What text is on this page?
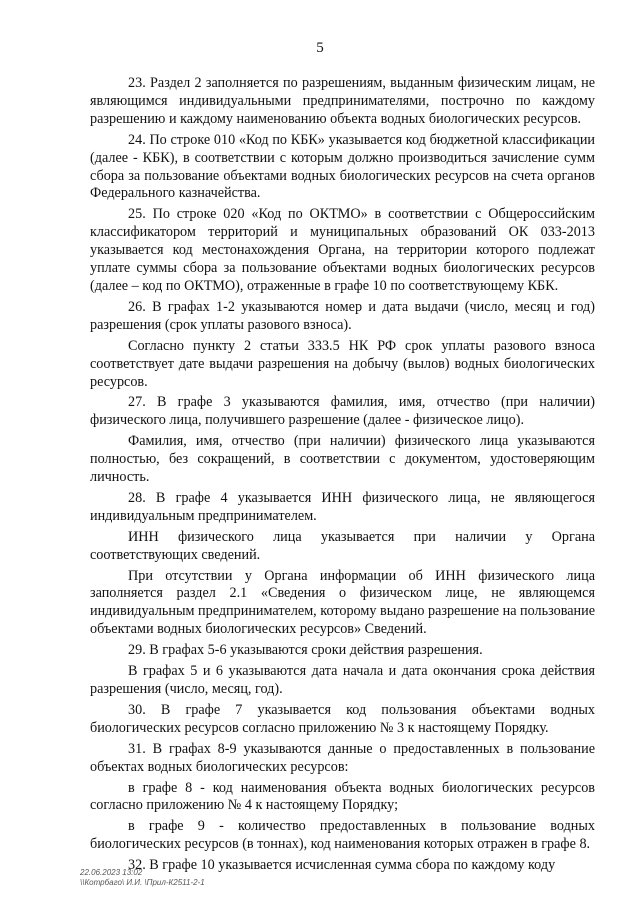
5

23. Раздел 2 заполняется по разрешениям, выданным физическим лицам, не являющимся индивидуальными предпринимателями, построчно по каждому разрешению и каждому наименованию объекта водных биологических ресурсов.

24. По строке 010 «Код по КБК» указывается код бюджетной классификации (далее - КБК), в соответствии с которым должно производиться зачисление сумм сбора за пользование объектами водных биологических ресурсов на счета органов Федерального казначейства.

25. По строке 020 «Код по ОКТМО» в соответствии с Общероссийским классификатором территорий и муниципальных образований ОК 033-2013 указывается код местонахождения Органа, на территории которого подлежат уплате суммы сбора за пользование объектами водных биологических ресурсов (далее – код по ОКТМО), отраженные в графе 10 по соответствующему КБК.

26. В графах 1-2 указываются номер и дата выдачи (число, месяц и год) разрешения (срок уплаты разового взноса).

Согласно пункту 2 статьи 333.5 НК РФ срок уплаты разового взноса соответствует дате выдачи разрешения на добычу (вылов) водных биологических ресурсов.

27. В графе 3 указываются фамилия, имя, отчество (при наличии) физического лица, получившего разрешение (далее - физическое лицо).

Фамилия, имя, отчество (при наличии) физического лица указываются полностью, без сокращений, в соответствии с документом, удостоверяющим личность.

28. В графе 4 указывается ИНН физического лица, не являющегося индивидуальным предпринимателем.

ИНН физического лица указывается при наличии у Органа соответствующих сведений.

При отсутствии у Органа информации об ИНН физического лица заполняется раздел 2.1 «Сведения о физическом лице, не являющемся индивидуальным предпринимателем, которому выдано разрешение на пользование объектами водных биологических ресурсов» Сведений.

29. В графах 5-6 указываются сроки действия разрешения.

В графах 5 и 6 указываются дата начала и дата окончания срока действия разрешения (число, месяц, год).

30. В графе 7 указывается код пользования объектами водных биологических ресурсов согласно приложению № 3 к настоящему Порядку.

31. В графах 8-9 указываются данные о предоставленных в пользование объектах водных биологических ресурсов:

в графе 8 - код наименования объекта водных биологических ресурсов согласно приложению № 4 к настоящему Порядку;

в графе 9 - количество предоставленных в пользование водных биологических ресурсов (в тоннах), код наименования которых отражен в графе 8.

32. В графе 10 указывается исчисленная сумма сбора по каждому коду

22.06.2023 13:02
\\Котрбаго\ И.И. \Прил-К2511-2-1
